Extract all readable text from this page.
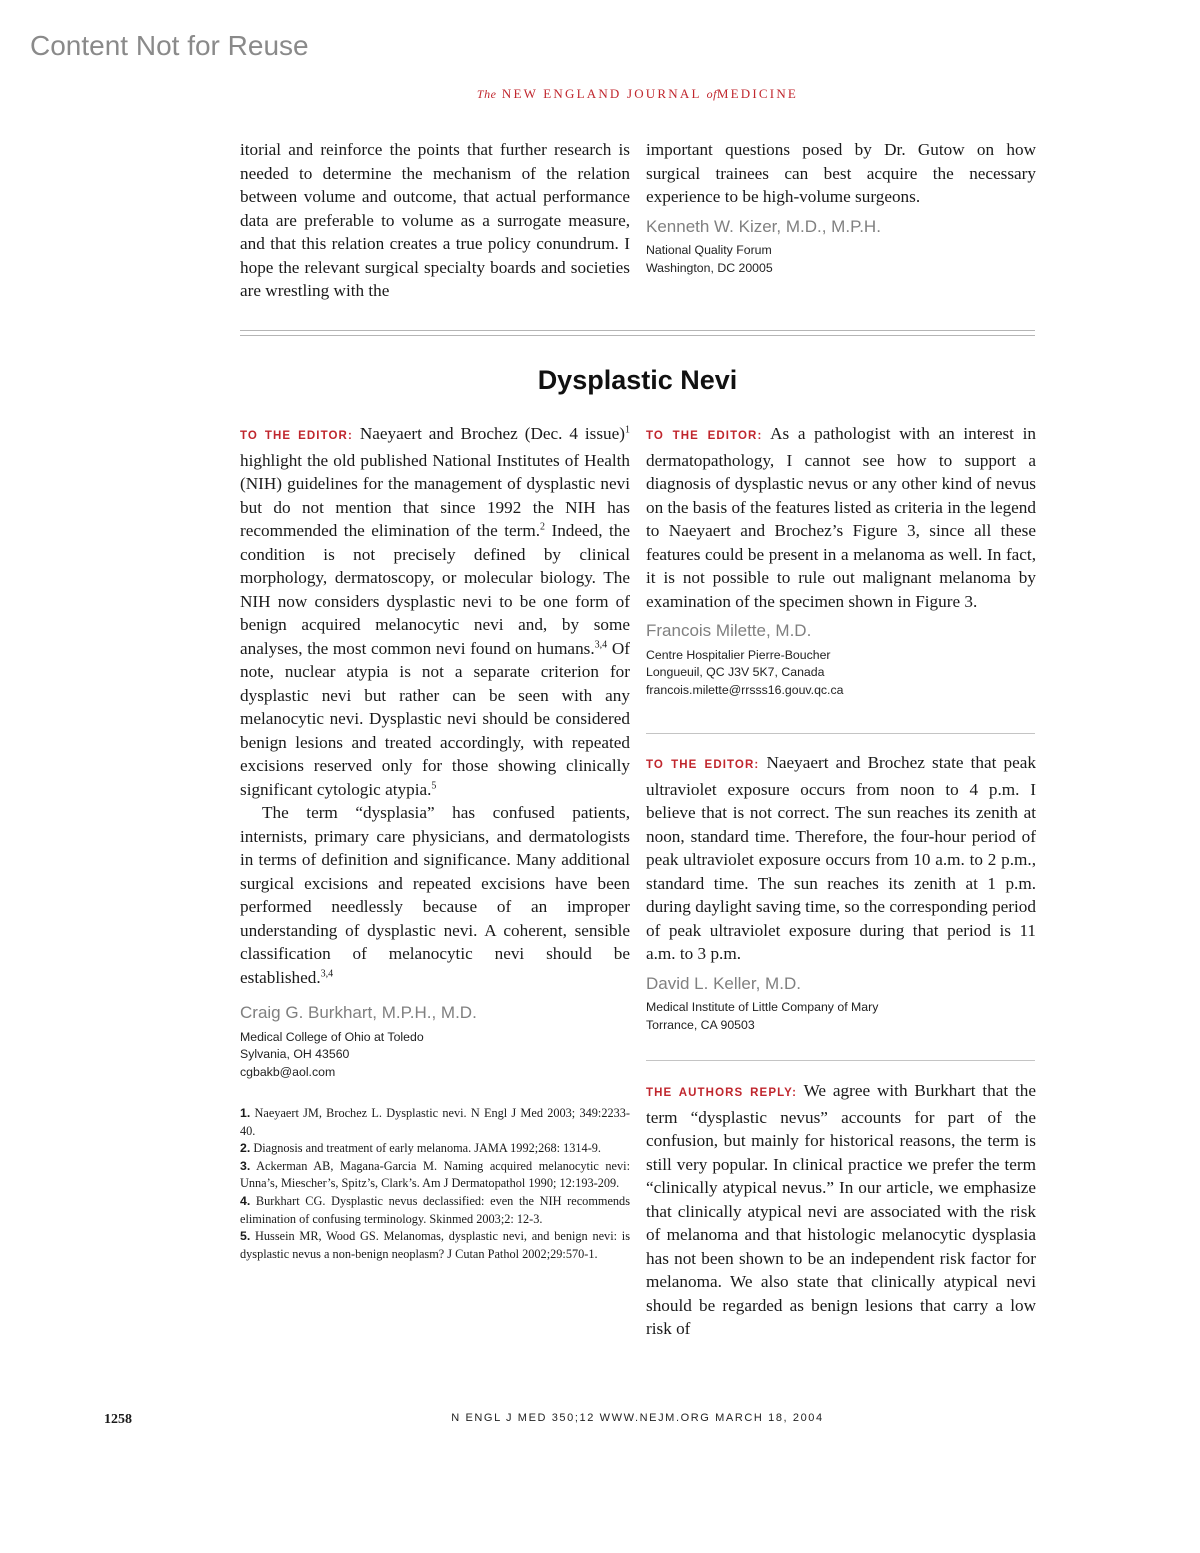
Content Not for Reuse
The NEW ENGLAND JOURNAL ofMEDICINE

itorial and reinforce the points that further research is needed to determine the mechanism of the relation between volume and outcome, that actual performance data are preferable to volume as a surrogate measure, and that this relation creates a true policy conundrum. I hope the relevant surgical specialty boards and societies are wrestling with the

important questions posed by Dr. Gutow on how surgical trainees can best acquire the necessary experience to be high-volume surgeons.

Kenneth W. Kizer, M.D., M.P.H.
National Quality Forum
Washington, DC 20005
Dysplastic Nevi

TO THE EDITOR: Naeyaert and Brochez (Dec. 4 issue)$^1$ highlight the old published National Institutes of Health (NIH) guidelines for the management of dysplastic nevi but do not mention that since 1992 the NIH has recommended the elimination of the term.$^2$ Indeed, the condition is not precisely defined by clinical morphology, dermatoscopy, or molecular biology. The NIH now considers dysplastic nevi to be one form of benign acquired melanocytic nevi and, by some analyses, the most common nevi found on humans.$^{3,4}$ Of note, nuclear atypia is not a separate criterion for dysplastic nevi but rather can be seen with any melanocytic nevi. Dysplastic nevi should be considered benign lesions and treated accordingly, with repeated excisions reserved only for those showing clinically significant cytologic atypia.$^5$

The term “dysplasia” has confused patients, internists, primary care physicians, and dermatologists in terms of definition and significance. Many additional surgical excisions and repeated excisions have been performed needlessly because of an improper understanding of dysplastic nevi. A coherent, sensible classification of melanocytic nevi should be established.$^{3,4}$

Craig G. Burkhart, M.P.H., M.D.
Medical College of Ohio at Toledo
Sylvania, OH 43560
cgbakb@aol.com
1. Naeyaert JM, Brochez L. Dysplastic nevi. N Engl J Med 2003; 349:2233-40.
2. Diagnosis and treatment of early melanoma. JAMA 1992;268: 1314-9.
3. Ackerman AB, Magana-Garcia M. Naming acquired melanocytic nevi: Unna’s, Miescher’s, Spitz’s, Clark’s. Am J Dermatopathol 1990; 12:193-209.
4. Burkhart CG. Dysplastic nevus declassified: even the NIH recommends elimination of confusing terminology. Skinmed 2003;2: 12-3.
5. Hussein MR, Wood GS. Melanomas, dysplastic nevi, and benign nevi: is dysplastic nevus a non-benign neoplasm? J Cutan Pathol 2002;29:570-1.

TO THE EDITOR: As a pathologist with an interest in dermatopathology, I cannot see how to support a diagnosis of dysplastic nevus or any other kind of nevus on the basis of the features listed as criteria in the legend to Naeyaert and Brochez’s Figure 3, since all these features could be present in a melanoma as well. In fact, it is not possible to rule out malignant melanoma by examination of the specimen shown in Figure 3.

Francois Milette, M.D.
Centre Hospitalier Pierre-Boucher
Longueuil, QC J3V 5K7, Canada
francois.milette@rrsss16.gouv.qc.ca

TO THE EDITOR: Naeyaert and Brochez state that peak ultraviolet exposure occurs from noon to 4 p.m. I believe that is not correct. The sun reaches its zenith at noon, standard time. Therefore, the four-hour period of peak ultraviolet exposure occurs from 10 a.m. to 2 p.m., standard time. The sun reaches its zenith at 1 p.m. during daylight saving time, so the corresponding period of peak ultraviolet exposure during that period is 11 a.m. to 3 p.m.

David L. Keller, M.D.
Medical Institute of Little Company of Mary
Torrance, CA 90503

THE AUTHORS REPLY: We agree with Burkhart that the term “dysplastic nevus” accounts for part of the confusion, but mainly for historical reasons, the term is still very popular. In clinical practice we prefer the term “clinically atypical nevus.” In our article, we emphasize that clinically atypical nevi are associated with the risk of melanoma and that histologic melanocytic dysplasia has not been shown to be an independent risk factor for melanoma. We also state that clinically atypical nevi should be regarded as benign lesions that carry a low risk of

1258	N ENGL J MED 350;12 WWW.NEJM.ORG MARCH 18, 2004
